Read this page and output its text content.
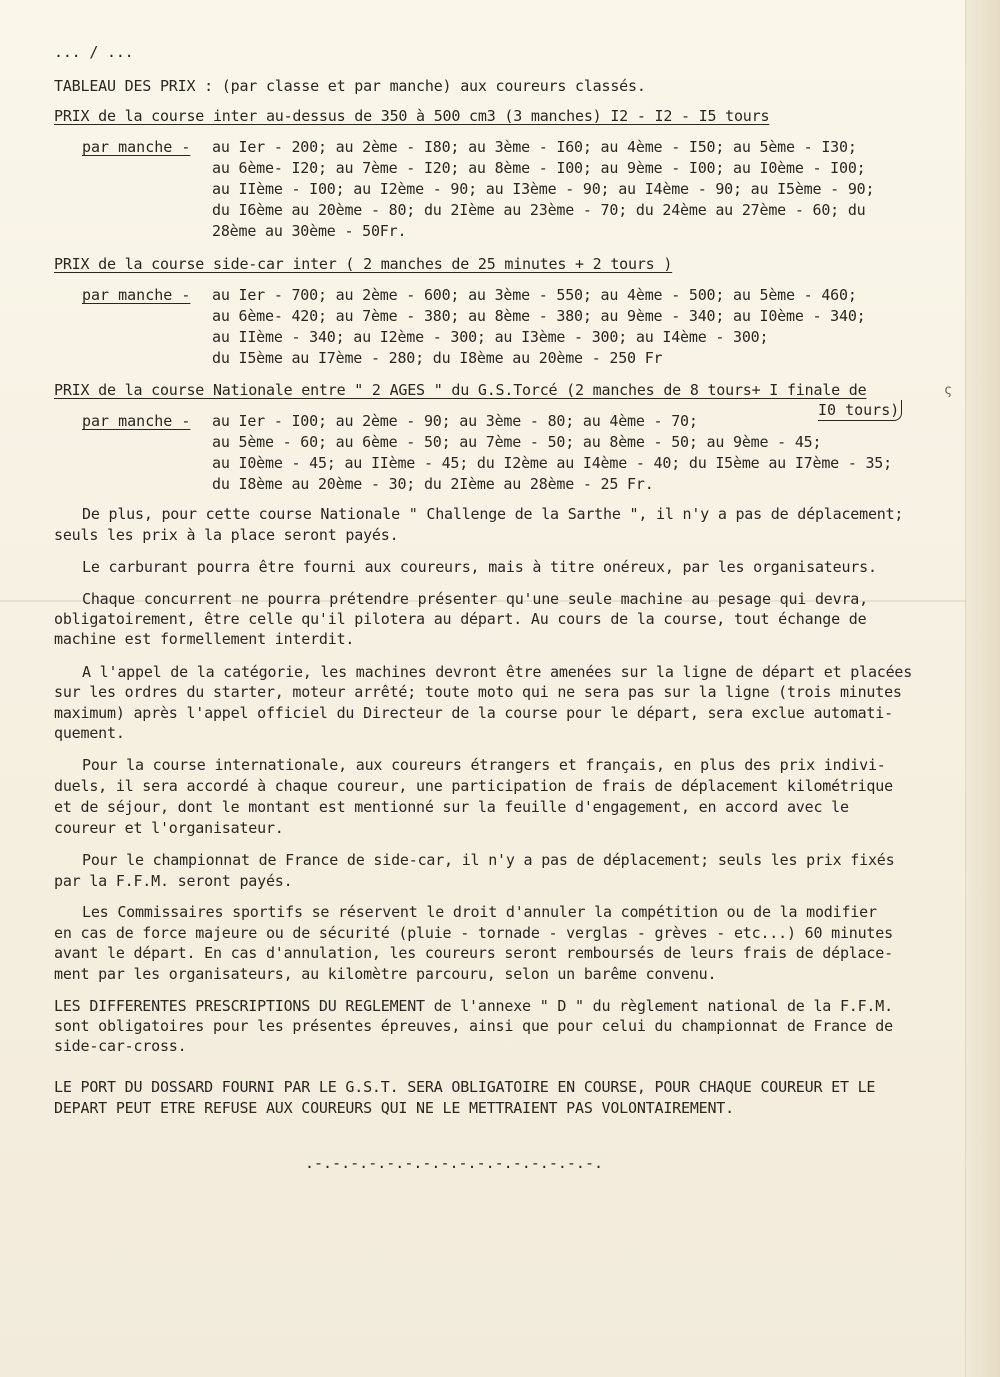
... / ...
TABLEAU DES PRIX : (par classe et par manche) aux coureurs classés.
PRIX de la course inter au-dessus de 350 à 500 cm3 (3 manches) I2 - I2 - I5 tours
par manche - au Ier - 200; au 2ème - I80; au 3ème - I60; au 4ème - I50; au 5ème - I30;
au 6ème- I20; au 7ème - I20; au 8ème - I00; au 9ème - I00; au I0ème - I00;
au IIème - I00; au I2ème - 90; au I3ème - 90; au I4ème - 90; au I5ème - 90;
du I6ème au 20ème - 80; du 2Ième au 23ème - 70; du 24ème au 27ème - 60; du
28ème au 30ème - 50Fr.
PRIX de la course side-car inter ( 2 manches de 25 minutes + 2 tours )
par manche - au Ier - 700; au 2ème - 600; au 3ème - 550; au 4ème - 500; au 5ème - 460;
au 6ème- 420; au 7ème - 380; au 8ème - 380; au 9ème - 340; au I0ème - 340;
au IIème - 340; au I2ème - 300; au I3ème - 300; au I4ème - 300;
du I5ème au I7ème - 280; du I8ème au 20ème - 250 Fr
PRIX de la course Nationale entre " 2 AGES " du G.S.Torcé (2 manches de 8 tours+ I finale de
I0 tours)
ς
par manche - au Ier - I00; au 2ème - 90; au 3ème - 80; au 4ème - 70;
au 5ème - 60; au 6ème - 50; au 7ème - 50; au 8ème - 50; au 9ème - 45;
au I0ème - 45; au IIème - 45; du I2ème au I4ème - 40; du I5ème au I7ème - 35;
du I8ème au 20ème - 30; du 2Ième au 28ème - 25 Fr.
De plus, pour cette course Nationale " Challenge de la Sarthe ", il n'y a pas de déplacement;
seuls les prix à la place seront payés.
Le carburant pourra être fourni aux coureurs, mais à titre onéreux, par les organisateurs.
Chaque concurrent ne pourra prétendre présenter qu'une seule machine au pesage qui devra,
obligatoirement, être celle qu'il pilotera au départ. Au cours de la course, tout échange de
machine est formellement interdit.
A l'appel de la catégorie, les machines devront être amenées sur la ligne de départ et placées
sur les ordres du starter, moteur arrêté; toute moto qui ne sera pas sur la ligne (trois minutes
maximum) après l'appel officiel du Directeur de la course pour le départ, sera exclue automati-
quement.
Pour la course internationale, aux coureurs étrangers et français, en plus des prix indivi-
duels, il sera accordé à chaque coureur, une participation de frais de déplacement kilométrique
et de séjour, dont le montant est mentionné sur la feuille d'engagement, en accord avec le
coureur et l'organisateur.
Pour le championnat de France de side-car, il n'y a pas de déplacement; seuls les prix fixés
par la F.F.M. seront payés.
Les Commissaires sportifs se réservent le droit d'annuler la compétition ou de la modifier
en cas de force majeure ou de sécurité (pluie - tornade - verglas - grèves - etc...) 60 minutes
avant le départ. En cas d'annulation, les coureurs seront remboursés de leurs frais de déplace-
ment par les organisateurs, au kilomètre parcouru, selon un barême convenu.
LES DIFFERENTES PRESCRIPTIONS DU REGLEMENT de l'annexe " D " du règlement national de la F.F.M.
sont obligatoires pour les présentes épreuves, ainsi que pour celui du championnat de France de
side-car-cross.
LE PORT DU DOSSARD FOURNI PAR LE G.S.T. SERA OBLIGATOIRE EN COURSE, POUR CHAQUE COUREUR ET LE
DEPART PEUT ETRE REFUSE AUX COUREURS QUI NE LE METTRAIENT PAS VOLONTAIREMENT.
.-.-.-.-.-.-.-.-.-.-.-.-.-.-.-.-.
